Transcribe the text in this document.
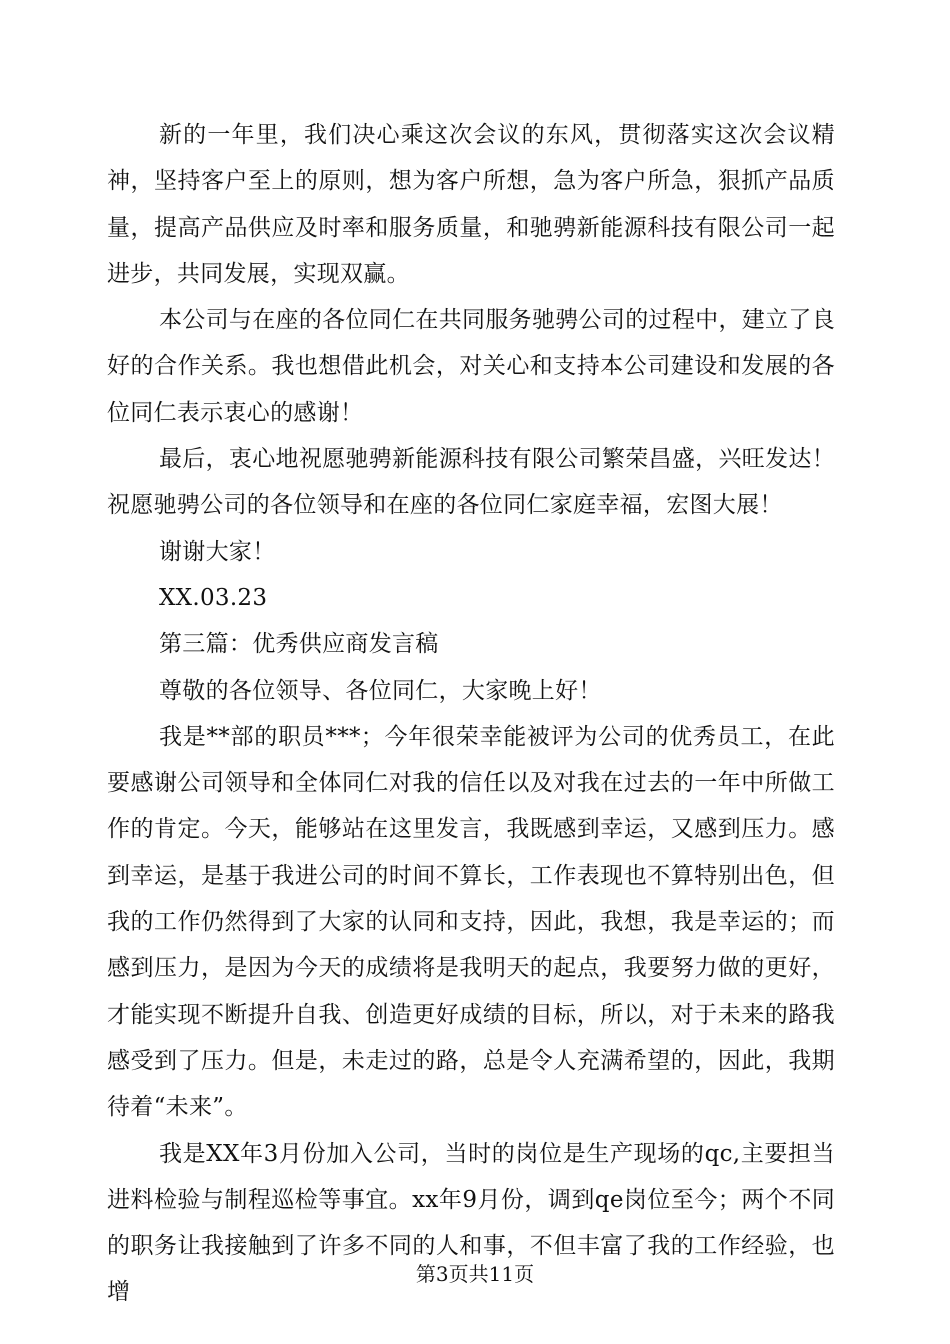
新的一年里，我们决心乘这次会议的东风，贯彻落实这次会议精神，坚持客户至上的原则，想为客户所想，急为客户所急，狠抓产品质量，提高产品供应及时率和服务质量，和驰骋新能源科技有限公司一起进步，共同发展，实现双赢。

本公司与在座的各位同仁在共同服务驰骋公司的过程中，建立了良好的合作关系。我也想借此机会，对关心和支持本公司建设和发展的各位同仁表示衷心的感谢！

最后，衷心地祝愿驰骋新能源科技有限公司繁荣昌盛，兴旺发达！祝愿驰骋公司的各位领导和在座的各位同仁家庭幸福，宏图大展！

谢谢大家！

XX.03.23

第三篇：优秀供应商发言稿

尊敬的各位领导、各位同仁，大家晚上好！

我是**部的职员***；今年很荣幸能被评为公司的优秀员工，在此要感谢公司领导和全体同仁对我的信任以及对我在过去的一年中所做工作的肯定。今天，能够站在这里发言，我既感到幸运，又感到压力。感到幸运，是基于我进公司的时间不算长，工作表现也不算特别出色，但我的工作仍然得到了大家的认同和支持，因此，我想，我是幸运的；而感到压力，是因为今天的成绩将是我明天的起点，我要努力做的更好，才能实现不断提升自我、创造更好成绩的目标，所以，对于未来的路我感受到了压力。但是，未走过的路，总是令人充满希望的，因此，我期待着“未来”。

我是XX年3月份加入公司，当时的岗位是生产现场的qc,主要担当进料检验与制程巡检等事宜。xx年9月份，调到qe岗位至今；两个不同的职务让我接触到了许多不同的人和事，不但丰富了我的工作经验，也增

第3页共11页
